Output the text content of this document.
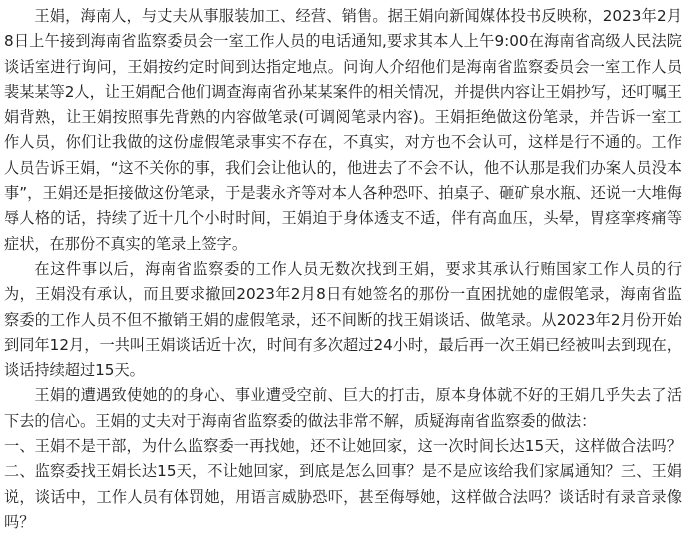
王娟，海南人，与丈夫从事服装加工、经营、销售。据王娟向新闻媒体投书反映称，2023年2月8日上午接到海南省监察委员会一室工作人员的电话通知,要求其本人上午9:00在海南省高级人民法院谈话室进行询问，王娟按约定时间到达指定地点。问询人介绍他们是海南省监察委员会一室工作人员裴某某等2人，让王娟配合他们调查海南省孙某某案件的相关情况，并提供内容让王娟抄写，还叮嘱王娟背熟，让王娟按照事先背熟的内容做笔录(可调阅笔录内容)。王娟拒绝做这份笔录，并告诉一室工作人员，你们让我做的这份虚假笔录事实不存在，不真实，对方也不会认可，这样是行不通的。工作人员告诉王娟，“这不关你的事，我们会让他认的，他进去了不会不认，他不认那是我们办案人员没本事”，王娟还是拒接做这份笔录，于是裴永齐等对本人各种恐吓、拍桌子、砸矿泉水瓶、还说一大堆侮辱人格的话，持续了近十几个小时时间，王娟迫于身体透支不适，伴有高血压，头晕，胃痉挛疼痛等症状，在那份不真实的笔录上签字。

在这件事以后，海南省监察委的工作人员无数次找到王娟，要求其承认行贿国家工作人员的行为，王娟没有承认，而且要求撤回2023年2月8日有她签名的那份一直困扰她的虚假笔录，海南省监察委的工作人员不但不撤销王娟的虚假笔录，还不间断的找王娟谈话、做笔录。从2023年2月份开始到同年12月，一共叫王娟谈话近十次，时间有多次超过24小时，最后再一次王娟已经被叫去到现在，谈话持续超过15天。

王娟的遭遇致使她的的身心、事业遭受空前、巨大的打击，原本身体就不好的王娟几乎失去了活下去的信心。王娟的丈夫对于海南省监察委的做法非常不解，质疑海南省监察委的做法：

一、王娟不是干部，为什么监察委一再找她，还不让她回家，这一次时间长达15天，这样做合法吗？二、监察委找王娟长达15天，不让她回家，到底是怎么回事？是不是应该给我们家属通知？三、王娟说，谈话中，工作人员有体罚她，用语言威胁恐吓，甚至侮辱她，这样做合法吗？谈话时有录音录像吗？
